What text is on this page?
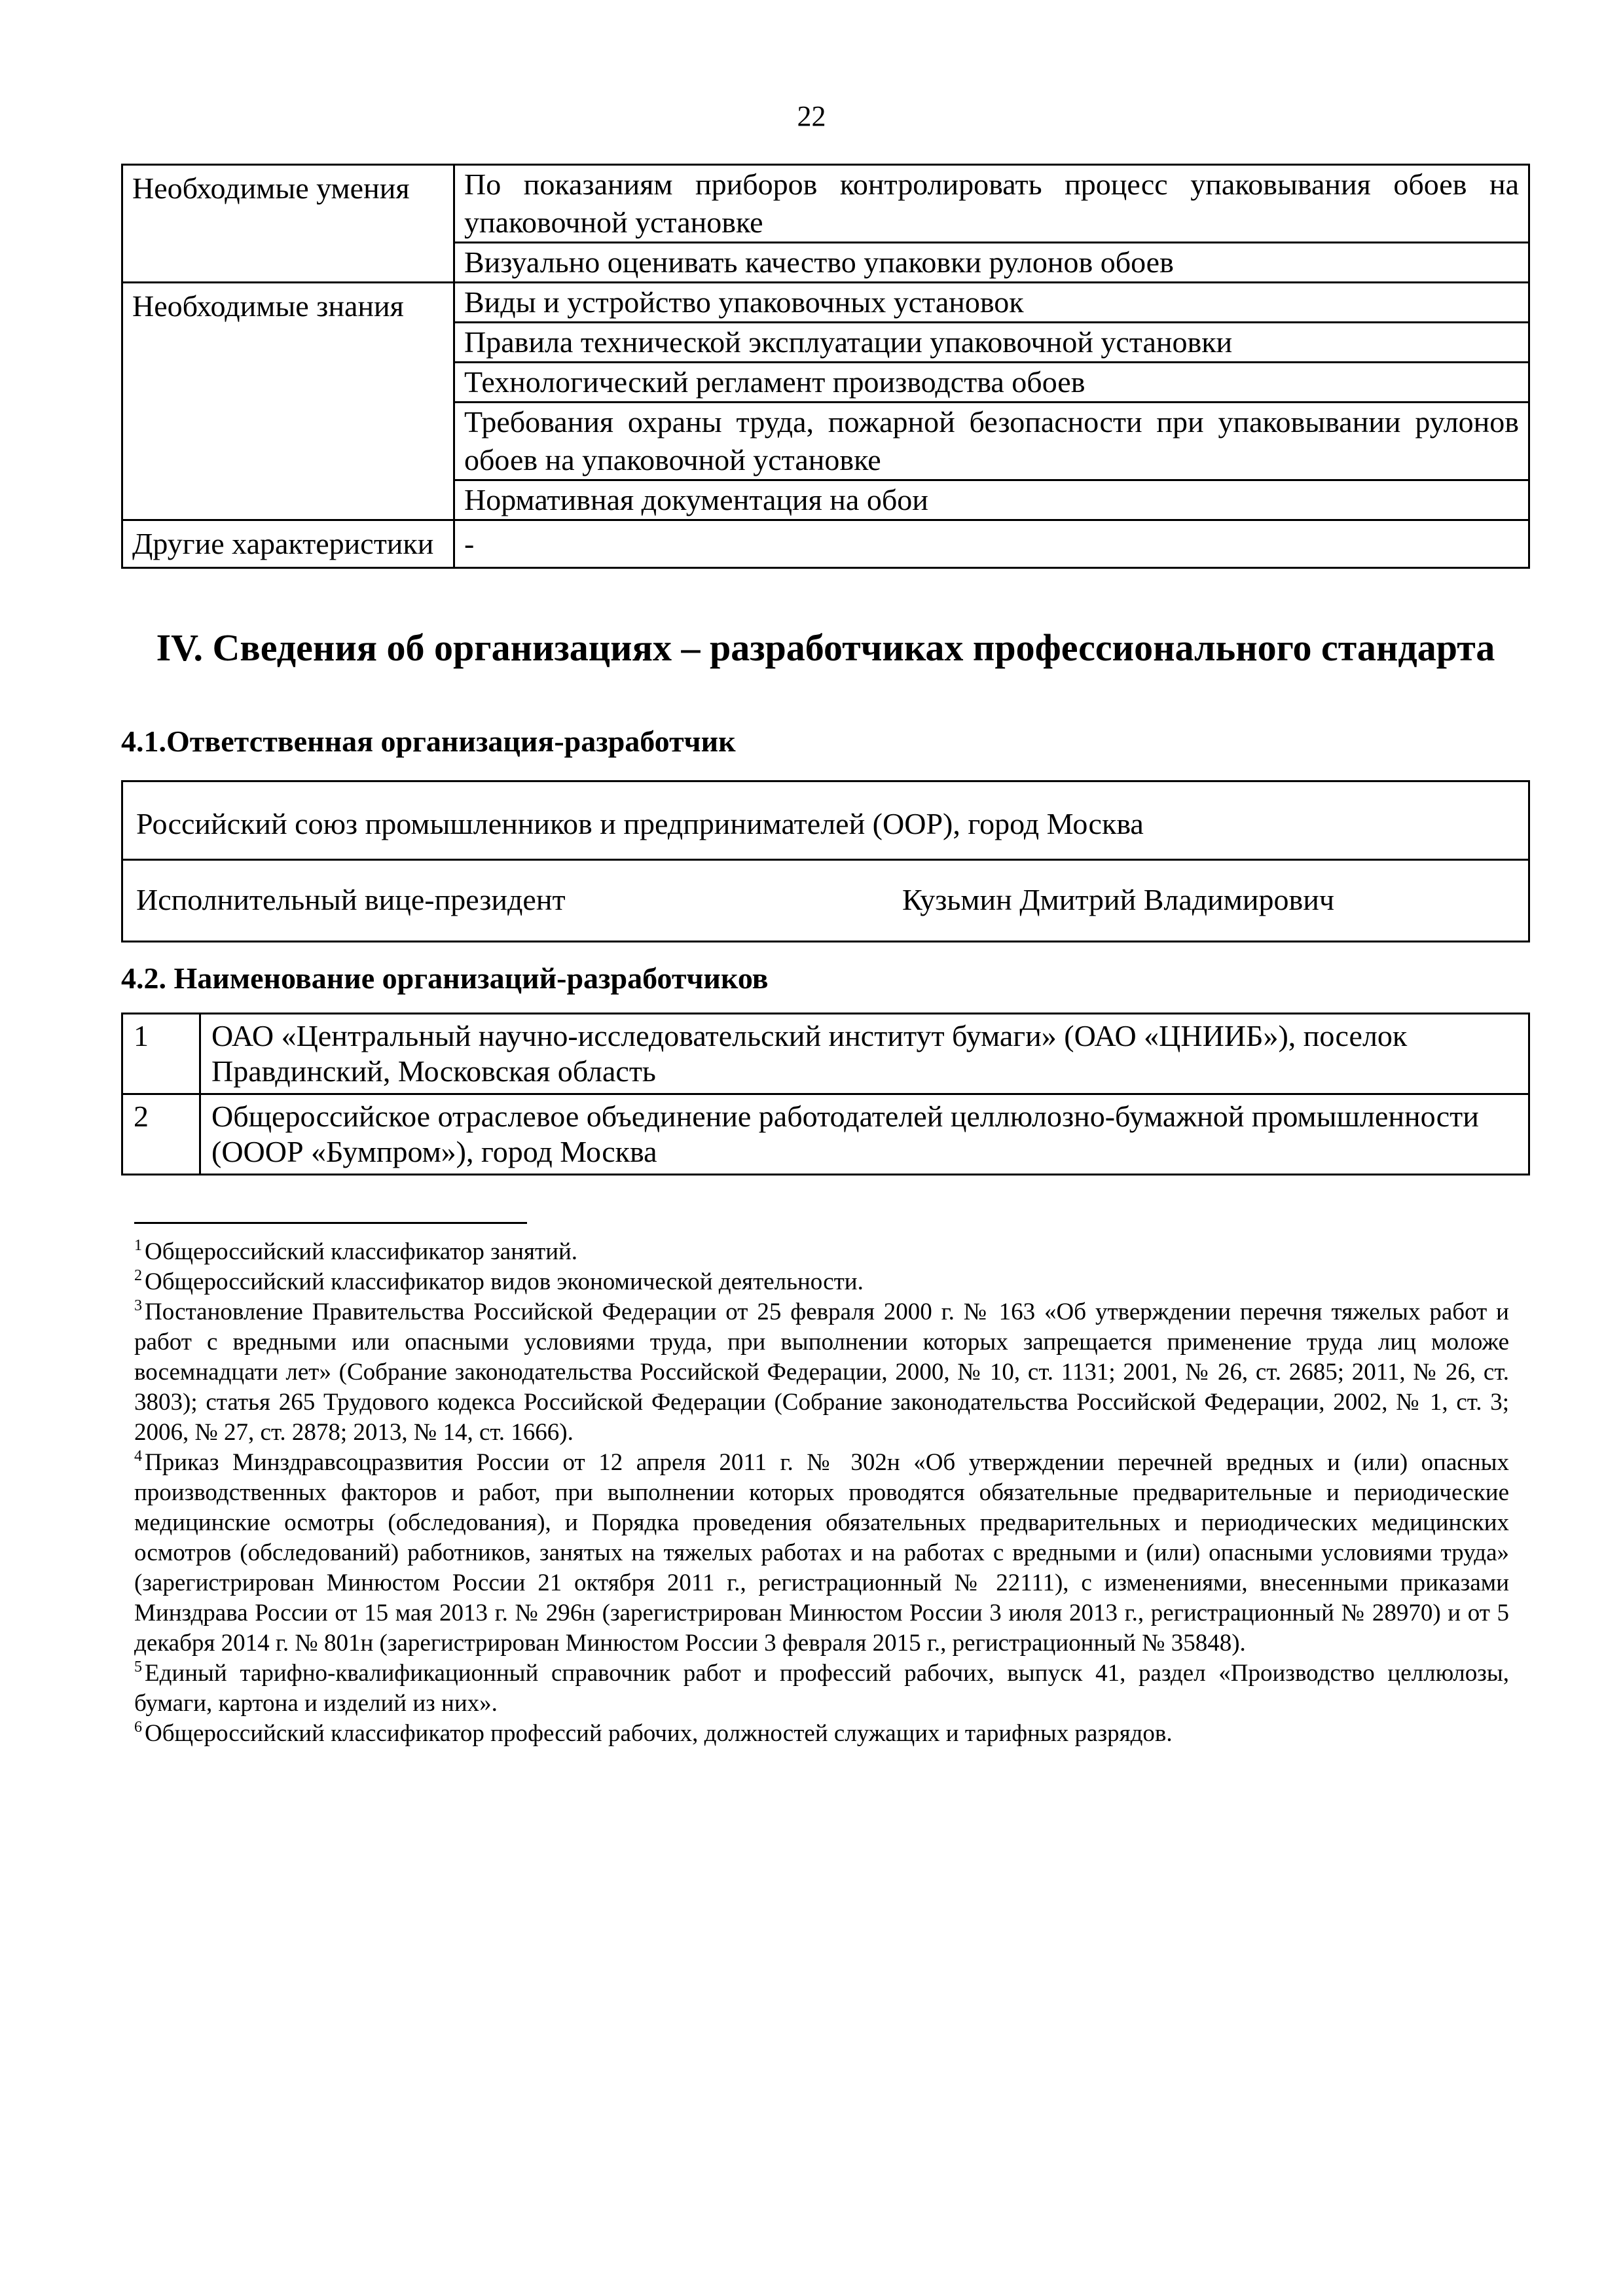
22
Необходимые умения	По показаниям приборов контролировать процесс упаковывания обоев на упаковочной установке
	Визуально оценивать качество упаковки рулонов обоев
Необходимые знания	Виды и устройство упаковочных установок
	Правила технической эксплуатации упаковочной установки
	Технологический регламент производства обоев
	Требования охраны труда, пожарной безопасности при упаковывании рулонов обоев на упаковочной установке
	Нормативная документация на обои
Другие характеристики	-
IV. Сведения об организациях – разработчиках профессионального стандарта
4.1.Ответственная организация-разработчик
Российский союз промышленников и предпринимателей (ООР), город Москва
Исполнительный вице-президент	Кузьмин Дмитрий Владимирович
4.2. Наименование организаций-разработчиков
1	ОАО «Центральный научно-исследовательский институт бумаги» (ОАО «ЦНИИБ»), поселок Правдинский, Московская область
2	Общероссийское отраслевое объединение работодателей целлюлозно-бумажной промышленности (ОООР «Бумпром»), город Москва

$^1$ Общероссийский классификатор занятий.

$^2$ Общероссийский классификатор видов экономической деятельности.

$^3$ Постановление Правительства Российской Федерации от 25 февраля 2000 г. № 163 «Об утверждении перечня тяжелых работ и работ с вредными или опасными условиями труда, при выполнении которых запрещается применение труда лиц моложе восемнадцати лет» (Собрание законодательства Российской Федерации, 2000, № 10, ст. 1131; 2001, № 26, ст. 2685; 2011, № 26, ст. 3803); статья 265 Трудового кодекса Российской Федерации (Собрание законодательства Российской Федерации, 2002, № 1, ст. 3; 2006, № 27, ст. 2878; 2013, № 14, ст. 1666).

$^4$ Приказ Минздравсоцразвития России от 12 апреля 2011 г. № 302н «Об утверждении перечней вредных и (или) опасных производственных факторов и работ, при выполнении которых проводятся обязательные предварительные и периодические медицинские осмотры (обследования), и Порядка проведения обязательных предварительных и периодических медицинских осмотров (обследований) работников, занятых на тяжелых работах и на работах с вредными и (или) опасными условиями труда» (зарегистрирован Минюстом России 21 октября 2011 г., регистрационный № 22111), с изменениями, внесенными приказами Минздрава России от 15 мая 2013 г. № 296н (зарегистрирован Минюстом России 3 июля 2013 г., регистрационный № 28970) и от 5 декабря 2014 г. № 801н (зарегистрирован Минюстом России 3 февраля 2015 г., регистрационный № 35848).

$^5$ Единый тарифно-квалификационный справочник работ и профессий рабочих, выпуск 41, раздел «Производство целлюлозы, бумаги, картона и изделий из них».

$^6$ Общероссийский классификатор профессий рабочих, должностей служащих и тарифных разрядов.
